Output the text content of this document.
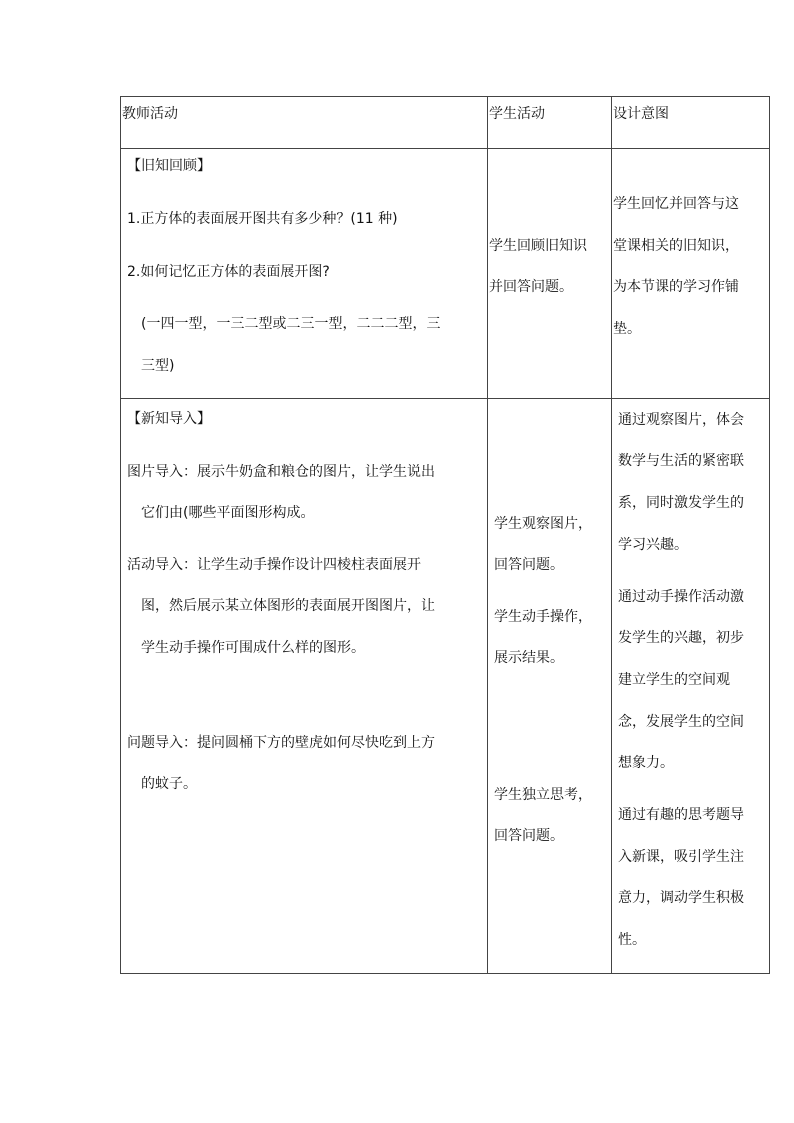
教师活动	学生活动	设计意图
【旧知回顾】
1.正方体的表面展开图共有多少种？(11 种)
2.如何记忆正方体的表面展开图?
(一四一型，一三二型或二三一型，二二二型，三
三型)
学生回顾旧知识
并回答问题。
学生回忆并回答与这
堂课相关的旧知识，
为本节课的学习作铺
垫。
【新知导入】
图片导入：展示牛奶盒和粮仓的图片，让学生说出
它们由(哪些平面图形构成。
活动导入：让学生动手操作设计四棱柱表面展开
图，然后展示某立体图形的表面展开图图片，让
学生动手操作可围成什么样的图形。
问题导入：提问圆桶下方的壁虎如何尽快吃到上方
的蚊子。
学生观察图片，
回答问题。
学生动手操作，
展示结果。
学生独立思考，
回答问题。
通过观察图片，体会
数学与生活的紧密联
系，同时激发学生的
学习兴趣。
通过动手操作活动激
发学生的兴趣，初步
建立学生的空间观
念，发展学生的空间
想象力。
通过有趣的思考题导
入新课，吸引学生注
意力，调动学生积极
性。
